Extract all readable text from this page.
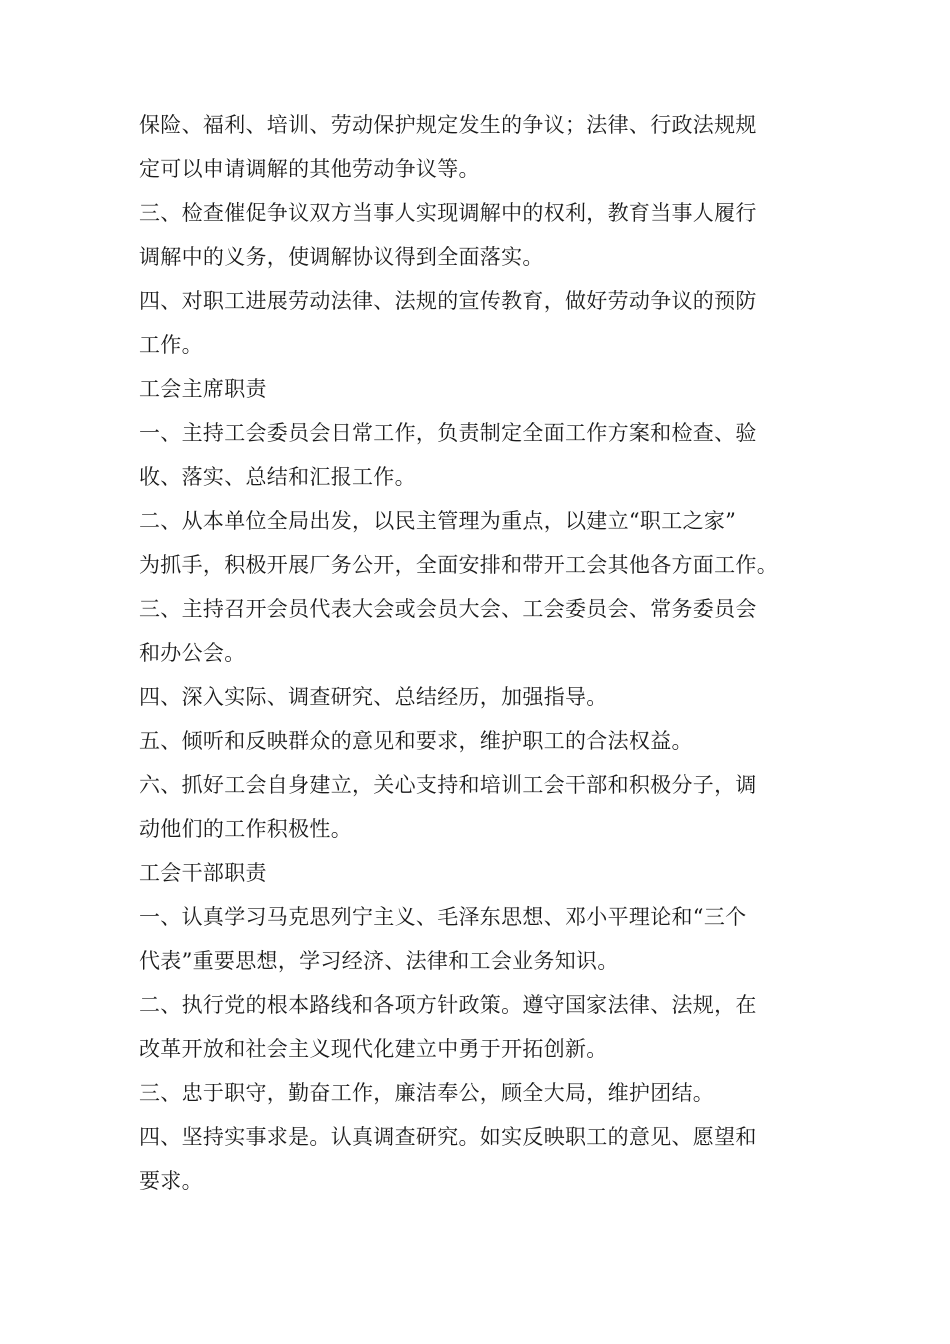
保险、福利、培训、劳动保护规定发生的争议；法律、行政法规规
定可以申请调解的其他劳动争议等。
三、检查催促争议双方当事人实现调解中的权利，教育当事人履行
调解中的义务，使调解协议得到全面落实。
四、对职工进展劳动法律、法规的宣传教育，做好劳动争议的预防
工作。
工会主席职责
一、主持工会委员会日常工作，负责制定全面工作方案和检查、验
收、落实、总结和汇报工作。
二、从本单位全局出发，以民主管理为重点，以建立“职工之家”
为抓手，积极开展厂务公开，全面安排和带开工会其他各方面工作。
三、主持召开会员代表大会或会员大会、工会委员会、常务委员会
和办公会。
四、深入实际、调查研究、总结经历，加强指导。
五、倾听和反映群众的意见和要求，维护职工的合法权益。
六、抓好工会自身建立，关心支持和培训工会干部和积极分子，调
动他们的工作积极性。
工会干部职责
一、认真学习马克思列宁主义、毛泽东思想、邓小平理论和“三个
代表”重要思想，学习经济、法律和工会业务知识。
二、执行党的根本路线和各项方针政策。遵守国家法律、法规，在
改革开放和社会主义现代化建立中勇于开拓创新。
三、忠于职守，勤奋工作，廉洁奉公，顾全大局，维护团结。
四、坚持实事求是。认真调查研究。如实反映职工的意见、愿望和
要求。
